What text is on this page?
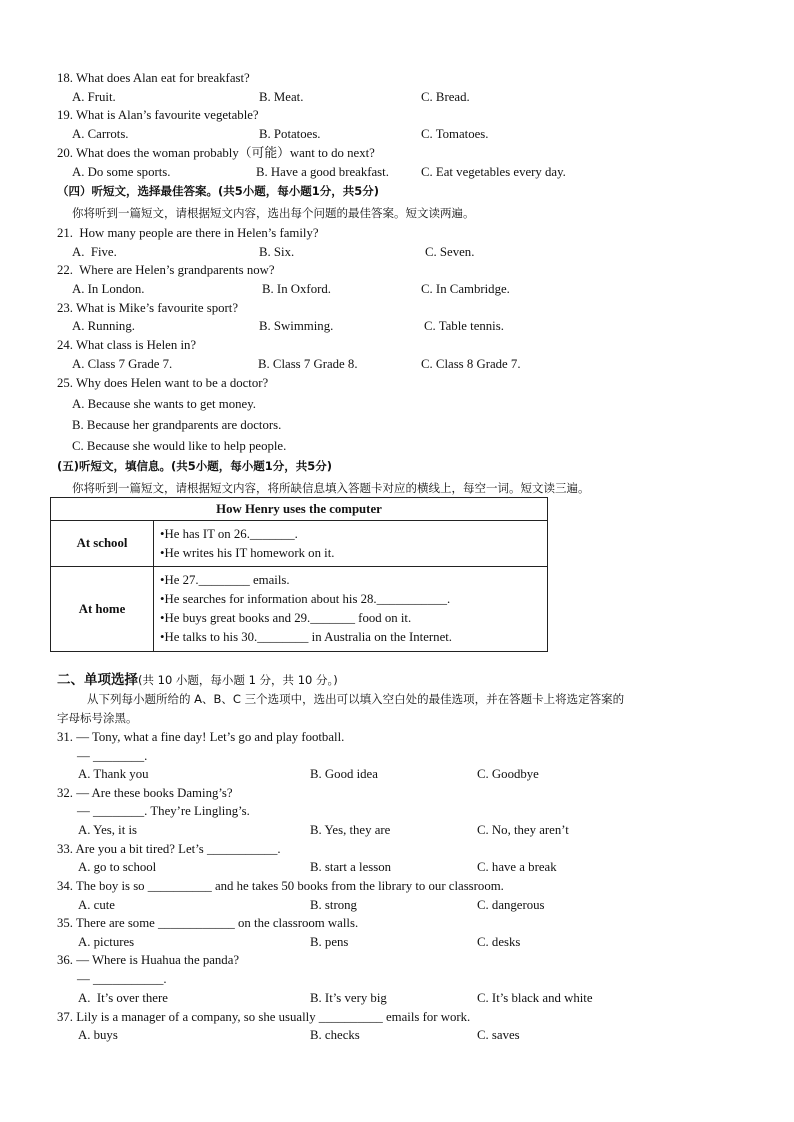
18. What does Alan eat for breakfast?
A. Fruit.	B. Meat.	C. Bread.
19. What is Alan’s favourite vegetable?
A. Carrots.	B. Potatoes.	C. Tomatoes.
20. What does the woman probably（可能）want to do next?
A. Do some sports.	B. Have a good breakfast.	C. Eat vegetables every day.
（四）听短文，选择最佳答案。(共5小题，每小题1分，共5分)
你将听到一篇短文，请根据短文内容，选出每个问题的最佳答案。短文读两遍。
21.  How many people are there in Helen’s family?
A.  Five.	B. Six.	C. Seven.
22.  Where are Helen’s grandparents now?
A. In London.	B. In Oxford.	C. In Cambridge.
23. What is Mike’s favourite sport?
A. Running.	B. Swimming.	C. Table tennis.
24. What class is Helen in?
A. Class 7 Grade 7.	B. Class 7 Grade 8.	C. Class 8 Grade 7.
25. Why does Helen want to be a doctor?
A. Because she wants to get money.
B. Because her grandparents are doctors.
C. Because she would like to help people.
(五)听短文，填信息。(共5小题，每小题1分，共5分)
你将听到一篇短文，请根据短文内容，将所缺信息填入答题卡对应的横线上，每空一词。短文读三遍。
How Henry uses the computer	
At school	•He has IT on 26._______.
•He writes his IT homework on it.

At home	•He 27.________ emails.
•He searches for information about his 28.___________.
•He buys great books and 29._______ food on it.
•He talks to his 30.________ in Australia on the Internet.
二、单项选择(共 10 小题，每小题 1 分，共 10 分。)
从下列每小题所给的 A、B、C 三个选项中，选出可以填入空白处的最佳选项，并在答题卡上将选定答案的
字母标号涂黑。
31. — Tony, what a fine day! Let’s go and play football.
— ________.
A. Thank you	B. Good idea	C. Goodbye
32. — Are these books Daming’s?
— ________. They’re Lingling’s.
A. Yes, it is	B. Yes, they are	C. No, they aren’t
33. Are you a bit tired? Let’s ___________.
A. go to school	B. start a lesson	C. have a break
34. The boy is so __________ and he takes 50 books from the library to our classroom.
A. cute	B. strong	C. dangerous
35. There are some ____________ on the classroom walls.
A. pictures	B. pens	C. desks
36. — Where is Huahua the panda?
— ___________.
A.  It’s over there	B. It’s very big	C. It’s black and white
37. Lily is a manager of a company, so she usually __________ emails for work.
A. buys	B. checks	C. saves
